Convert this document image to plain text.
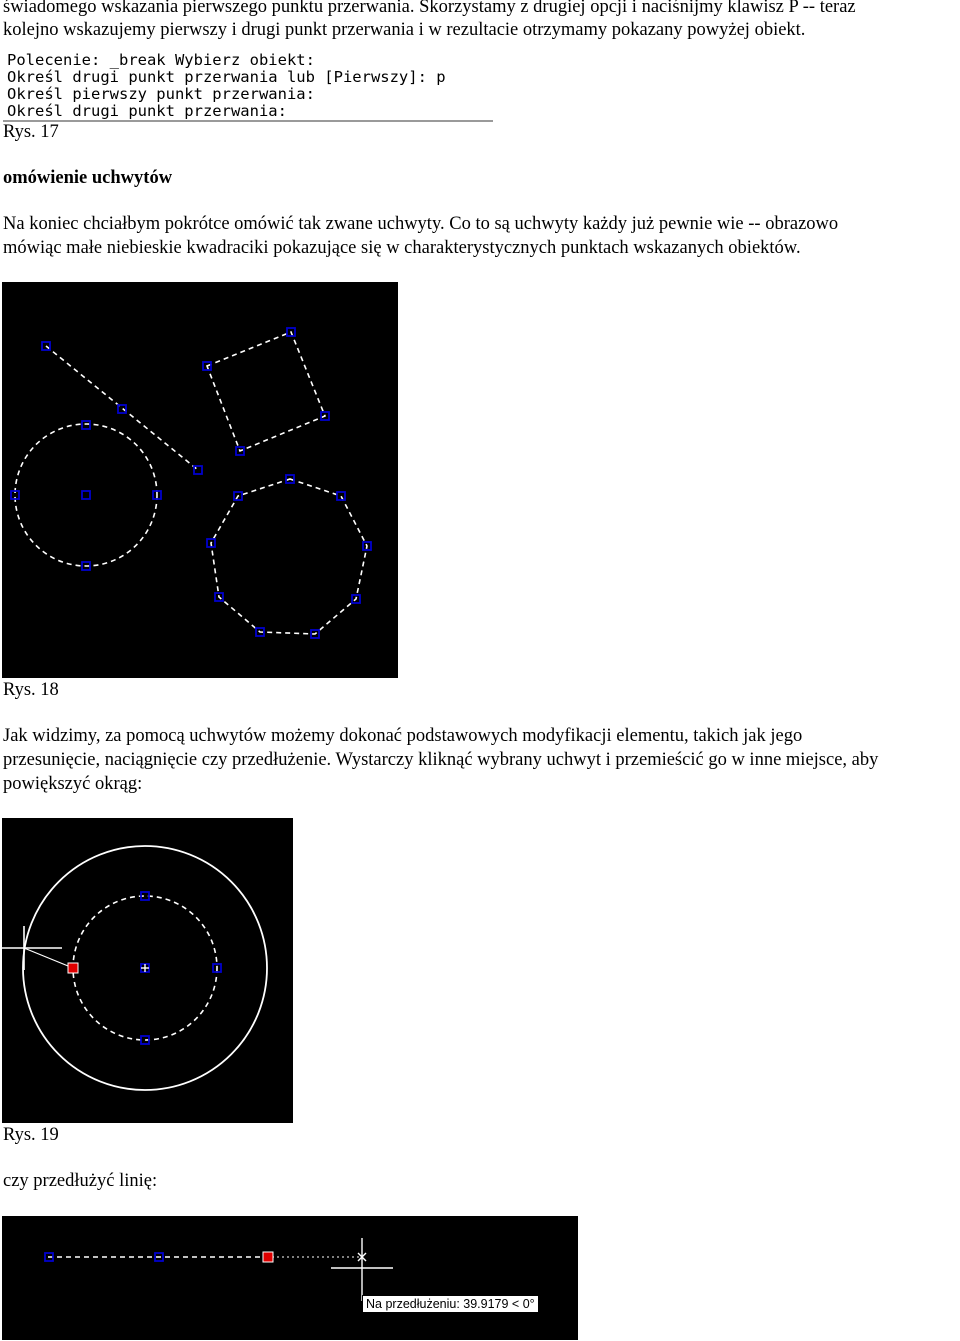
świadomego wskazania pierwszego punktu przerwania. Skorzystamy z drugiej opcji i naciśnijmy klawisz P -- teraz

kolejno wskazujemy pierwszy i drugi punkt przerwania i w rezultacie otrzymamy pokazany powyżej obiekt.

Polecenie: _break Wybierz obiekt:
Określ drugi punkt przerwania lub [Pierwszy]: p
Określ pierwszy punkt przerwania:
Określ drugi punkt przerwania:

Rys. 17

omówienie uchwytów

Na koniec chciałbym pokrótce omówić tak zwane uchwyty. Co to są uchwyty każdy już pewnie wie -- obrazowo

mówiąc małe niebieskie kwadraciki pokazujące się w charakterystycznych punktach wskazanych obiektów.

Rys. 18

Jak widzimy, za pomocą uchwytów możemy dokonać podstawowych modyfikacji elementu, takich jak jego

przesunięcie, naciągnięcie czy przedłużenie. Wystarczy kliknąć wybrany uchwyt i przemieścić go w inne miejsce, aby

powiększyć okrąg:

Rys. 19

czy przedłużyć linię:

Na przedłużeniu: 39.9179 < 0°
